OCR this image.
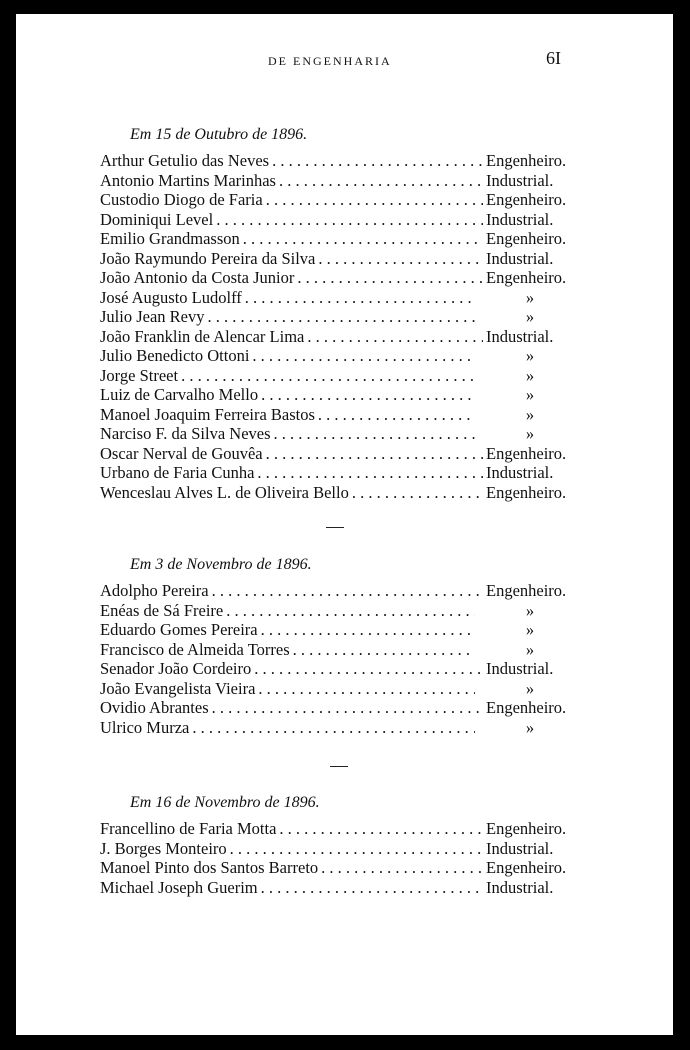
DE ENGENHARIA	6I
Em 15 de Outubro de 1896.
Arthur Getulio das Neves . . .	Engenheiro.
Antonio Martins Marinhas . . .	Industrial.
Custodio Diogo de Faria . . .	Engenheiro.
Dominiqui Level . . .	Industrial.
Emilio Grandmasson . . .	Engenheiro.
João Raymundo Pereira da Silva . . .	Industrial.
João Antonio da Costa Junior . . .	Engenheiro.
José Augusto Ludolff . . .	»
Julio Jean Revy . . .	»
João Franklin de Alencar Lima . . .	Industrial.
Julio Benedicto Ottoni . . .	»
Jorge Street . . .	»
Luiz de Carvalho Mello . . .	»
Manoel Joaquim Ferreira Bastos . . .	»
Narciso F. da Silva Neves . . .	»
Oscar Nerval de Gouvêa . . .	Engenheiro.
Urbano de Faria Cunha . . .	Industrial.
Wenceslau Alves L. de Oliveira Bello . . .	Engenheiro.
Em 3 de Novembro de 1896.
Adolpho Pereira . . .	Engenheiro.
Enéas de Sá Freire . . .	»
Eduardo Gomes Pereira . . .	»
Francisco de Almeida Torres . . .	»
Senador João Cordeiro . . .	Industrial.
João Evangelista Vieira . . .	»
Ovidio Abrantes . . .	Engenheiro.
Ulrico Murza . . .	»
Em 16 de Novembro de 1896.
Francellino de Faria Motta . . .	Engenheiro.
J. Borges Monteiro . . .	Industrial.
Manoel Pinto dos Santos Barreto . . .	Engenheiro.
Michael Joseph Guerim . . .	Industrial.
